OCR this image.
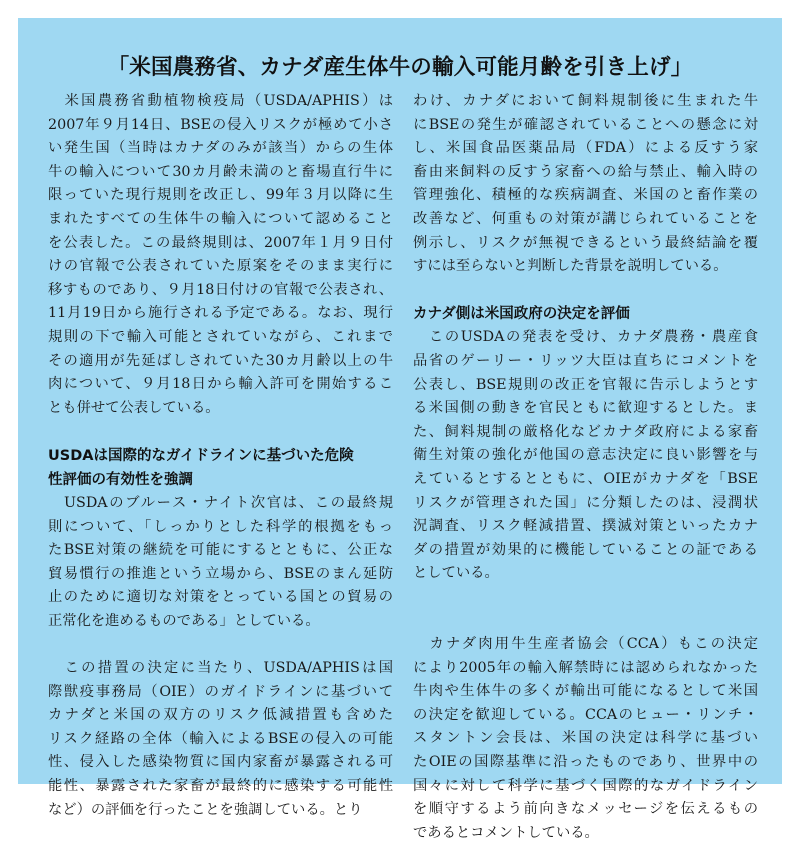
「米国農務省、カナダ産生体牛の輸入可能月齢を引き上げ」
　米国農務省動植物検疫局（USDA/APHIS）は
2007年９月14日、BSEの侵入リスクが極めて小さ
い発生国（当時はカナダのみが該当）からの生体
牛の輸入について30カ月齢未満のと畜場直行牛に
限っていた現行規則を改正し、99年３月以降に生
まれたすべての生体牛の輸入について認めること
を公表した。この最終規則は、2007年１月９日付
けの官報で公表されていた原案をそのまま実行に
移すものであり、９月18日付けの官報で公表され、
11月19日から施行される予定である。なお、現行
規則の下で輸入可能とされていながら、これまで
その適用が先延ばしされていた30カ月齢以上の牛
肉について、９月18日から輸入許可を開始するこ
とも併せて公表している。
USDAは国際的なガイドラインに基づいた危険
性評価の有効性を強調
　USDAのブルース・ナイト次官は、この最終規
則について、「しっかりとした科学的根拠をもっ
たBSE対策の継続を可能にするとともに、公正な
貿易慣行の推進という立場から、BSEのまん延防
止のために適切な対策をとっている国との貿易の
正常化を進めるものである」としている。
　この措置の決定に当たり、USDA/APHISは国
際獣疫事務局（OIE）のガイドラインに基づいて
カナダと米国の双方のリスク低減措置も含めた
リスク経路の全体（輸入によるBSEの侵入の可能
性、侵入した感染物質に国内家畜が暴露される可
能性、暴露された家畜が最終的に感染する可能性
など）の評価を行ったことを強調している。とり
わけ、カナダにおいて飼料規制後に生まれた牛
にBSEの発生が確認されていることへの懸念に対
し、米国食品医薬品局（FDA）による反すう家
畜由来飼料の反すう家畜への給与禁止、輸入時の
管理強化、積極的な疾病調査、米国のと畜作業の
改善など、何重もの対策が講じられていることを
例示し、リスクが無視できるという最終結論を覆
すには至らないと判断した背景を説明している。
カナダ側は米国政府の決定を評価
　このUSDAの発表を受け、カナダ農務・農産食
品省のゲーリー・リッツ大臣は直ちにコメントを
公表し、BSE規則の改正を官報に告示しようとす
る米国側の動きを官民ともに歓迎するとした。ま
た、飼料規制の厳格化などカナダ政府による家畜
衛生対策の強化が他国の意志決定に良い影響を与
えているとするとともに、OIEがカナダを「BSE
リスクが管理された国」に分類したのは、浸潤状
況調査、リスク軽減措置、撲滅対策といったカナ
ダの措置が効果的に機能していることの証である
としている。
　カナダ肉用牛生産者協会（CCA）もこの決定
により2005年の輸入解禁時には認められなかった
牛肉や生体牛の多くが輸出可能になるとして米国
の決定を歓迎している。CCAのヒュー・リンチ・
スタントン会長は、米国の決定は科学に基づい
たOIEの国際基準に沿ったものであり、世界中の
国々に対して科学に基づく国際的なガイドライン
を順守するよう前向きなメッセージを伝えるもの
であるとコメントしている。
